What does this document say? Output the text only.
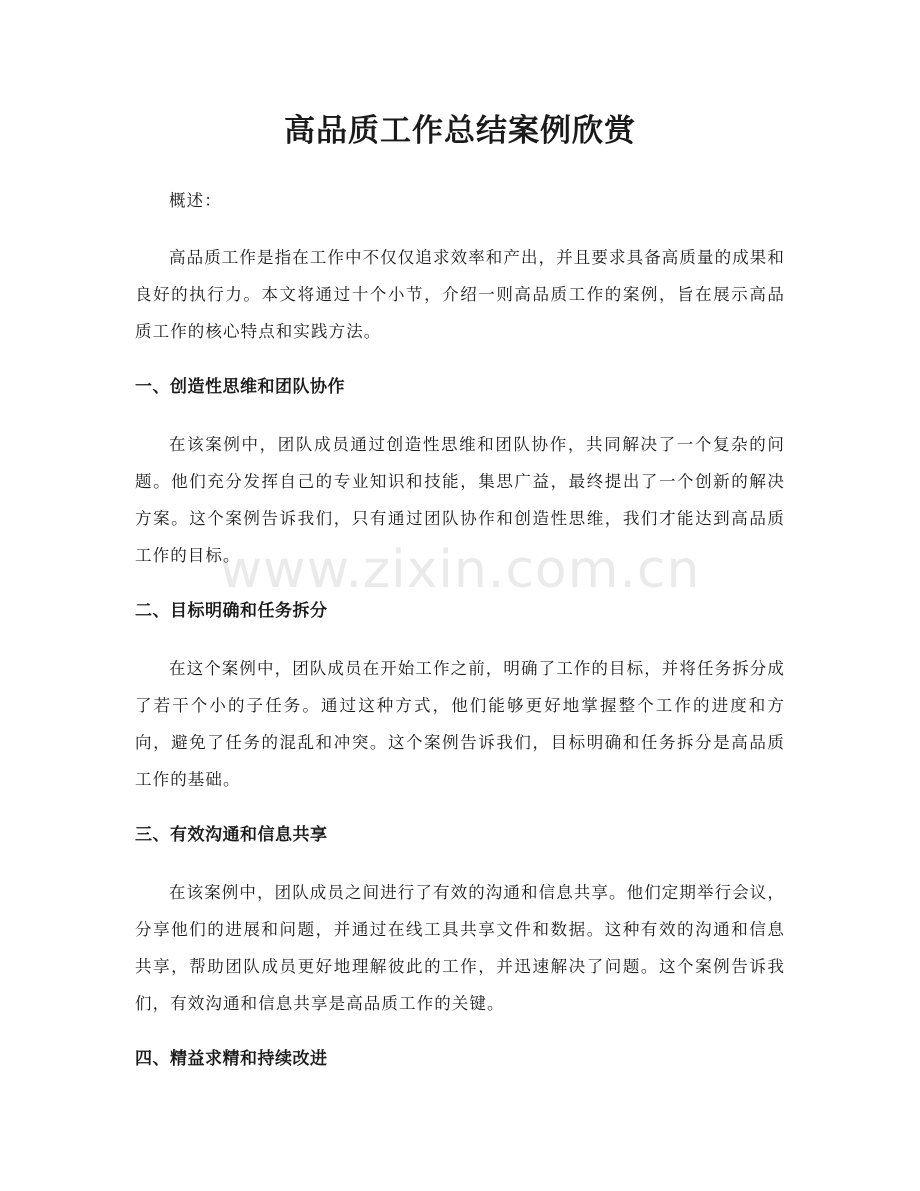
www.zixin.com.cn
高品质工作总结案例欣赏

概述：

高品质工作是指在工作中不仅仅追求效率和产出，并且要求具备高质量的成果和良好的执行力。本文将通过十个小节，介绍一则高品质工作的案例，旨在展示高品质工作的核心特点和实践方法。

一、创造性思维和团队协作

在该案例中，团队成员通过创造性思维和团队协作，共同解决了一个复杂的问题。他们充分发挥自己的专业知识和技能，集思广益，最终提出了一个创新的解决方案。这个案例告诉我们，只有通过团队协作和创造性思维，我们才能达到高品质工作的目标。

二、目标明确和任务拆分

在这个案例中，团队成员在开始工作之前，明确了工作的目标，并将任务拆分成了若干个小的子任务。通过这种方式，他们能够更好地掌握整个工作的进度和方向，避免了任务的混乱和冲突。这个案例告诉我们，目标明确和任务拆分是高品质工作的基础。

三、有效沟通和信息共享

在该案例中，团队成员之间进行了有效的沟通和信息共享。他们定期举行会议，分享他们的进展和问题，并通过在线工具共享文件和数据。这种有效的沟通和信息共享，帮助团队成员更好地理解彼此的工作，并迅速解决了问题。这个案例告诉我们，有效沟通和信息共享是高品质工作的关键。

四、精益求精和持续改进
